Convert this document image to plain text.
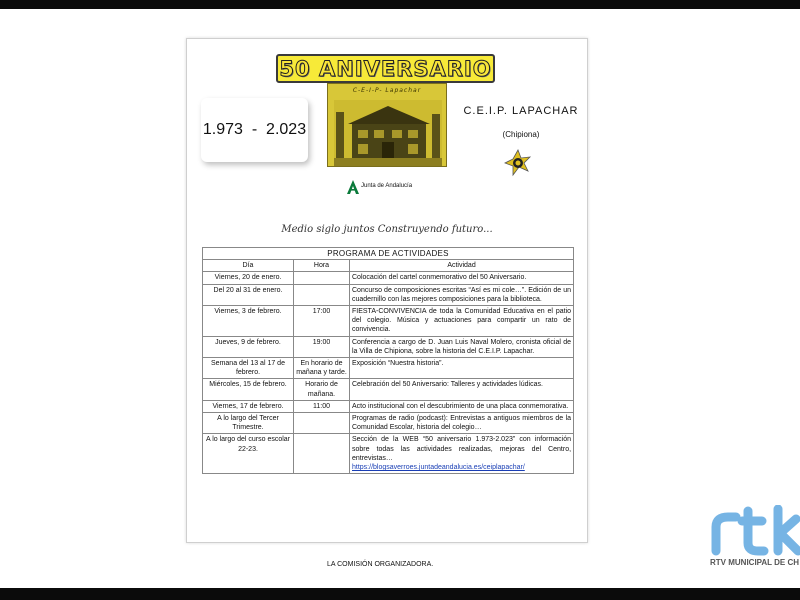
50 ANIVERSARIO
1.973  -  2.023
C-E-I-P- Lapachar
C.E.I.P. LAPACHAR
(Chipiona)
Junta de Andalucía
Medio siglo juntos Construyendo futuro...
PROGRAMA DE ACTIVIDADES		
Día	Hora	Actividad
Viernes, 20 de enero.		Colocación del cartel conmemorativo del 50 Aniversario.
Del 20 al 31 de enero.		Concurso de composiciones escritas “Así es mi cole…”. Edición de un cuadernillo con las mejores composiciones para la biblioteca.
Viernes, 3 de febrero.	17:00	FIESTA-CONVIVENCIA de toda la Comunidad Educativa en el patio del colegio. Música y actuaciones para compartir un rato de convivencia.
Jueves, 9 de febrero.	19:00	Conferencia a cargo de D. Juan Luis Naval Molero, cronista oficial de la Villa de Chipiona, sobre la historia del C.E.I.P. Lapachar.
Semana del 13 al 17 de febrero.	En horario de mañana y tarde.	Exposición “Nuestra historia”.
Miércoles, 15 de febrero.	Horario de mañana.	Celebración del 50 Aniversario: Talleres y actividades lúdicas.
Viernes, 17 de febrero.	11:00	Acto institucional con el descubrimiento de una placa conmemorativa.
A lo largo del Tercer Trimestre.		Programas de radio (podcast): Entrevistas a antiguos miembros de la Comunidad Escolar, historia del colegio…
A lo largo del curso escolar 22-23.		Sección de la WEB “50 aniversario 1.973-2.023” con información sobre todas las actividades realizadas, mejoras del Centro, entrevistas…
https://blogsaverroes.juntadeandalucia.es/ceiplapachar/
LA COMISIÓN ORGANIZADORA.	RTV MUNICIPAL DE CH
